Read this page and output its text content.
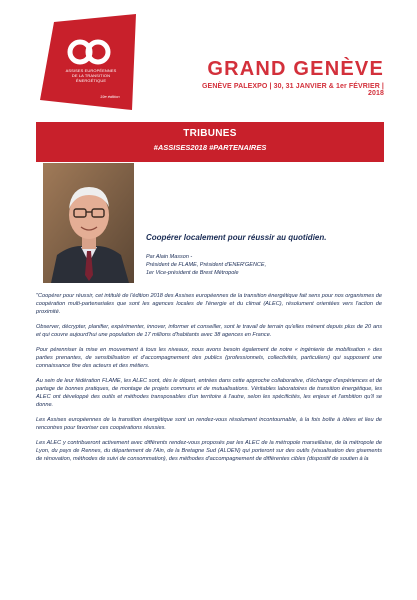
ASSISES EUROPÉENNES
DE LA TRANSITION
ÉNERGÉTIQUE
19e édition
GRAND GENÈVE
GENÈVE PALEXPO | 30, 31 JANVIER & 1er FÉVRIER | 2018
TRIBUNES
#ASSISES2018 #PARTENAIRES
Coopérer localement pour réussir au quotidien.
Par Alain Masson -
Président de FLAME, Président d'ENER'GENCE,
1er Vice-président de Brest Métropole

"Coopérer pour réussir, cet intitulé de l'édition 2018 des Assises européennes de la transition énergétique fait sens pour nos organismes de coopération multi-partenariales que sont les agences locales de l'énergie et du climat (ALEC), résolument orientées vers l'action de proximité.

Observer, décrypter, planifier, expérimenter, innover, informer et conseiller, sont le travail de terrain qu'elles mènent depuis plus de 20 ans et qui couvre aujourd'hui une population de 17 millions d'habitants avec 38 agences en France.

Pour pérenniser la mise en mouvement à tous les niveaux, nous avons besoin également de notre « ingénierie de mobilisation » des parties prenantes, de sensibilisation et d'accompagnement des publics (professionnels, collectivités, particuliers) qui supposent une connaissance fine des acteurs et des métiers.

Au sein de leur fédération FLAME, les ALEC sont, dès le départ, entrées dans cette approche collaborative, d'échange d'expériences et de partage de bonnes pratiques, de montage de projets communs et de mutualisations. Véritables laboratoires de transition énergétique, les ALEC ont développé des outils et méthodes transposables d'un territoire à l'autre, selon les spécificités, les enjeux et l'ambition qu'il se donne.

Les Assises européennes de la transition énergétique sont un rendez-vous résolument incontournable, à la fois boîte à idées et lieu de rencontres pour favoriser ces coopérations réussies.

Les ALEC y contribueront activement avec différents rendez-vous proposés par les ALEC de la métropole marseillaise, de la métropole de Lyon, du pays de Rennes, du département de l'Ain, de la Bretagne Sud (ALOEN) qui porteront sur des outils (visualisation des gisements de rénovation, méthodes de suivi de consommation), des méthodes d'accompagnement de différentes cibles (dispositif de soutien à la
